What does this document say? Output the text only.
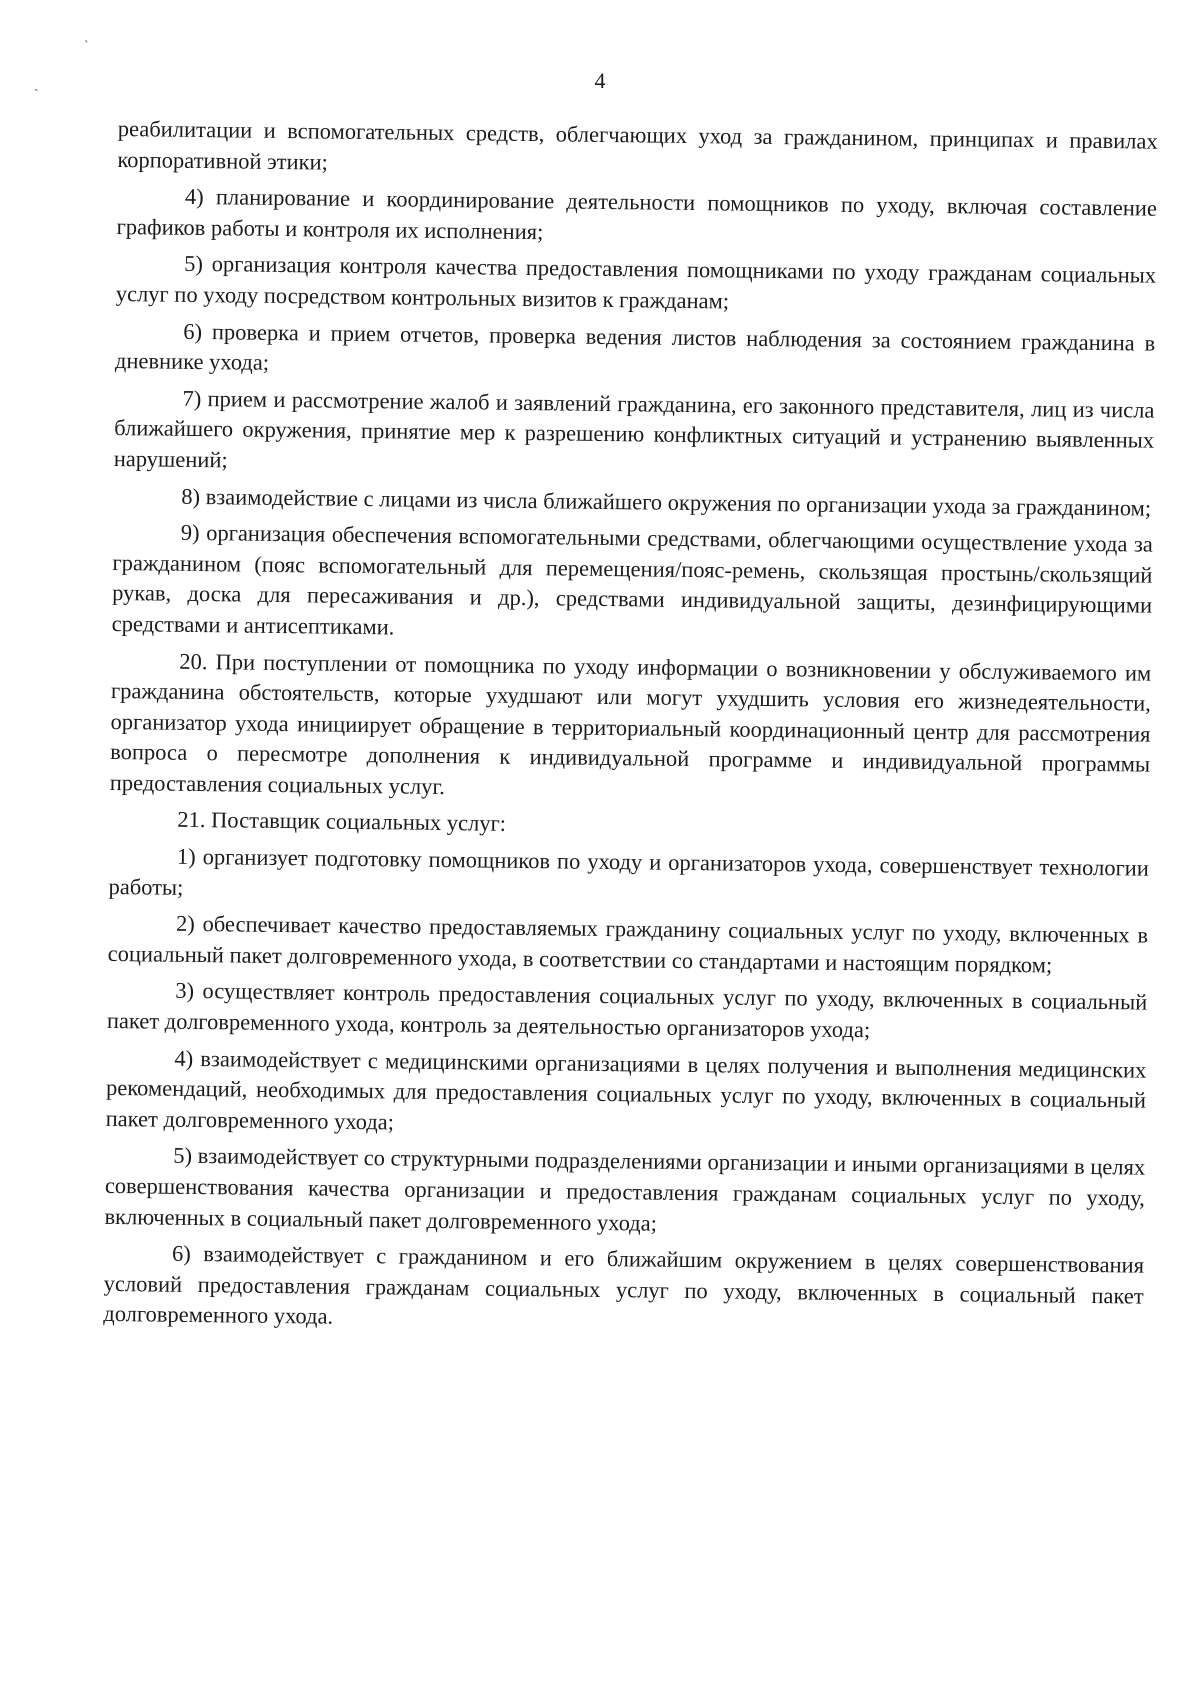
ˋ
ˎ	4

реабилитации и вспомогательных средств, облегчающих уход за гражданином, принципах и правилах корпоративной этики;

4) планирование и координирование деятельности помощников по уходу, включая составление графиков работы и контроля их исполнения;

5) организация контроля качества предоставления помощниками по уходу гражданам социальных услуг по уходу посредством контрольных визитов к гражданам;

6) проверка и прием отчетов, проверка ведения листов наблюдения за состоянием гражданина в дневнике ухода;

7) прием и рассмотрение жалоб и заявлений гражданина, его законного представителя, лиц из числа ближайшего окружения, принятие мер к разрешению конфликтных ситуаций и устранению выявленных нарушений;

8) взаимодействие с лицами из числа ближайшего окружения по организации ухода за гражданином;

9) организация обеспечения вспомогательными средствами, облегчающими осуществление ухода за гражданином (пояс вспомогательный для перемещения/пояс-ремень, скользящая простынь/скользящий рукав, доска для пересаживания и др.), средствами индивидуальной защиты, дезинфицирующими средствами и антисептиками.

20. При поступлении от помощника по уходу информации о возникновении у обслуживаемого им гражданина обстоятельств, которые ухудшают или могут ухудшить условия его жизнедеятельности, организатор ухода инициирует обращение в территориальный координационный центр для рассмотрения вопроса о пересмотре дополнения к индивидуальной программе и индивидуальной программы предоставления социальных услуг.

21. Поставщик социальных услуг:

1) организует подготовку помощников по уходу и организаторов ухода, совершенствует технологии работы;

2) обеспечивает качество предоставляемых гражданину социальных услуг по уходу, включенных в социальный пакет долговременного ухода, в соответствии со стандартами и настоящим порядком;

3) осуществляет контроль предоставления социальных услуг по уходу, включенных в социальный пакет долговременного ухода, контроль за деятельностью организаторов ухода;

4) взаимодействует с медицинскими организациями в целях получения и выполнения медицинских рекомендаций, необходимых для предоставления социальных услуг по уходу, включенных в социальный пакет долговременного ухода;

5) взаимодействует со структурными подразделениями организации и иными организациями в целях совершенствования качества организации и предоставления гражданам социальных услуг по уходу, включенных в социальный пакет долговременного ухода;

6) взаимодействует с гражданином и его ближайшим окружением в целях совершенствования условий предоставления гражданам социальных услуг по уходу, включенных в социальный пакет долговременного ухода.
